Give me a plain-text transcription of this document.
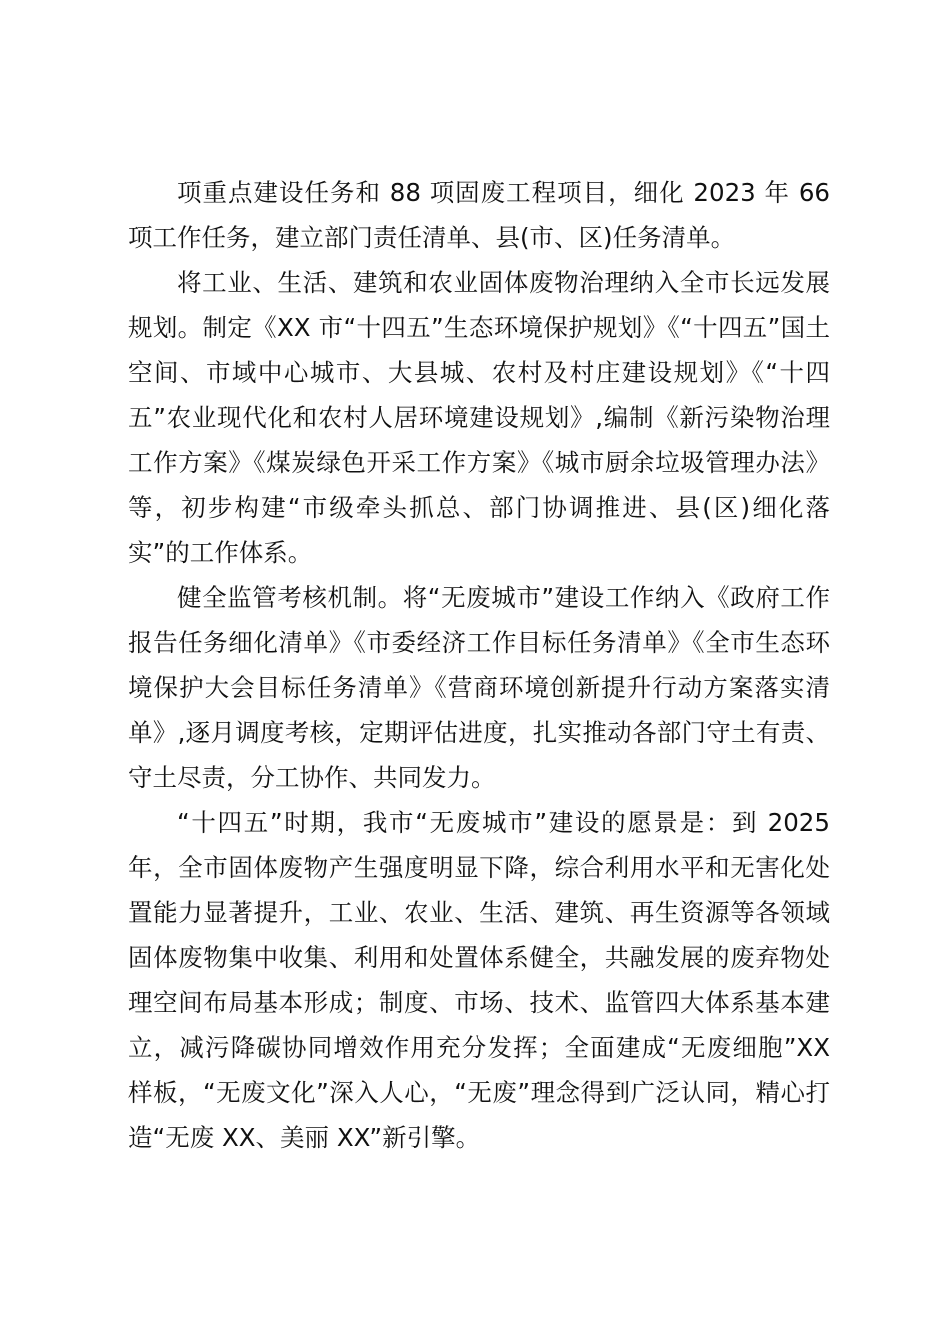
项重点建设任务和 88 项固废工程项目，细化 2023 年 66 项工作任务，建立部门责任清单、县(市、区)任务清单。

将工业、生活、建筑和农业固体废物治理纳入全市长远发展规划。制定《XX 市“十四五”生态环境保护规划》《“十四五”国土空间、市域中心城市、大县城、农村及村庄建设规划》《“十四五”农业现代化和农村人居环境建设规划》,编制《新污染物治理工作方案》《煤炭绿色开采工作方案》《城市厨余垃圾管理办法》等，初步构建“市级牵头抓总、部门协调推进、县(区)细化落实”的工作体系。

健全监管考核机制。将“无废城市”建设工作纳入《政府工作报告任务细化清单》《市委经济工作目标任务清单》《全市生态环境保护大会目标任务清单》《营商环境创新提升行动方案落实清单》,逐月调度考核，定期评估进度，扎实推动各部门守土有责、守土尽责，分工协作、共同发力。

“十四五”时期，我市“无废城市”建设的愿景是：到 2025 年，全市固体废物产生强度明显下降，综合利用水平和无害化处置能力显著提升，工业、农业、生活、建筑、再生资源等各领域固体废物集中收集、利用和处置体系健全，共融发展的废弃物处理空间布局基本形成；制度、市场、技术、监管四大体系基本建立，减污降碳协同增效作用充分发挥；全面建成“无废细胞”XX 样板，“无废文化”深入人心，“无废”理念得到广泛认同，精心打造“无废 XX、美丽 XX”新引擎。
